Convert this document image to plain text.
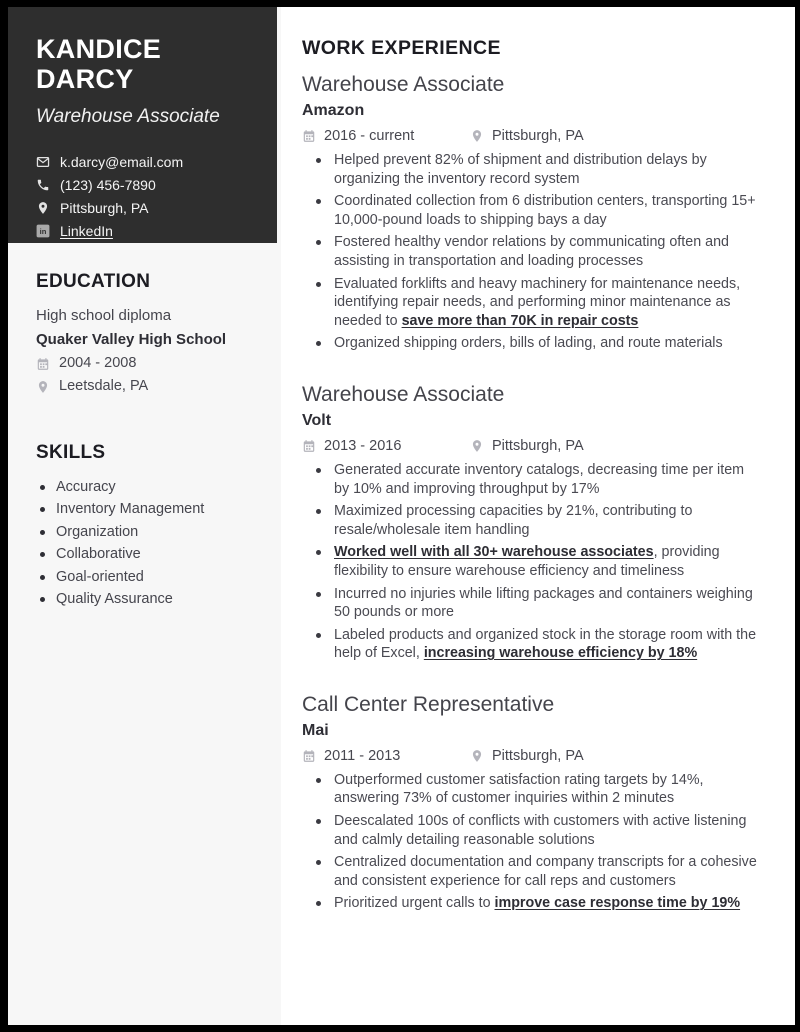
KANDICE DARCY
Warehouse Associate
k.darcy@email.com
(123) 456-7890
Pittsburgh, PA
in LinkedIn
EDUCATION
High school diploma
Quaker Valley High School
2004 - 2008
Leetsdale, PA
SKILLS
Accuracy
Inventory Management
Organization
Collaborative
Goal-oriented
Quality Assurance
WORK EXPERIENCE
Warehouse Associate
Amazon
2016 - current	Pittsburgh, PA
Helped prevent 82% of shipment and distribution delays by organizing the inventory record system
Coordinated collection from 6 distribution centers, transporting 15+ 10,000-pound loads to shipping bays a day
Fostered healthy vendor relations by communicating often and assisting in transportation and loading processes
Evaluated forklifts and heavy machinery for maintenance needs, identifying repair needs, and performing minor maintenance as needed to save more than 70K in repair costs
Organized shipping orders, bills of lading, and route materials
Warehouse Associate
Volt
2013 - 2016	Pittsburgh, PA
Generated accurate inventory catalogs, decreasing time per item by 10% and improving throughput by 17%
Maximized processing capacities by 21%, contributing to resale/wholesale item handling
Worked well with all 30+ warehouse associates, providing flexibility to ensure warehouse efficiency and timeliness
Incurred no injuries while lifting packages and containers weighing 50 pounds or more
Labeled products and organized stock in the storage room with the help of Excel, increasing warehouse efficiency by 18%
Call Center Representative
Mai
2011 - 2013	Pittsburgh, PA
Outperformed customer satisfaction rating targets by 14%, answering 73% of customer inquiries within 2 minutes
Deescalated 100s of conflicts with customers with active listening and calmly detailing reasonable solutions
Centralized documentation and company transcripts for a cohesive and consistent experience for call reps and customers
Prioritized urgent calls to improve case response time by 19%
